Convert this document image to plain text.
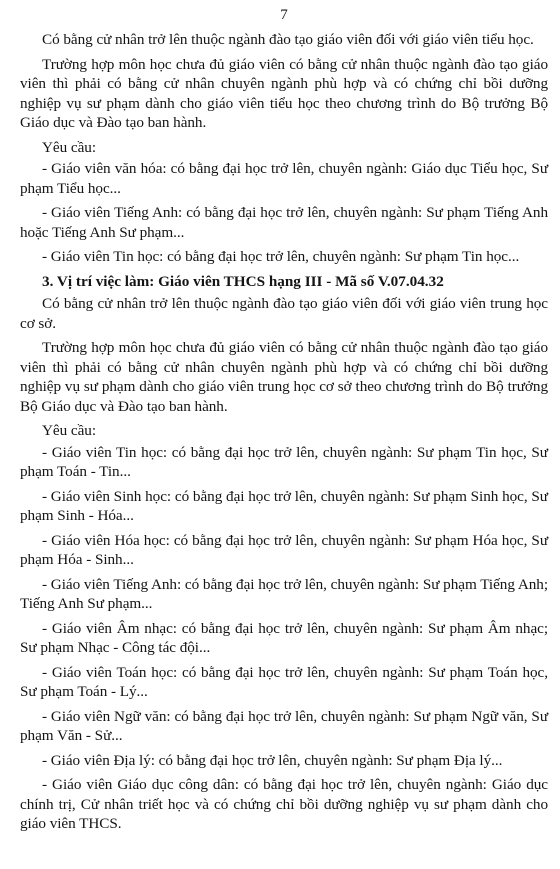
7

Có bằng cử nhân trở lên thuộc ngành đào tạo giáo viên đối với giáo viên tiểu học.

Trường hợp môn học chưa đủ giáo viên có bằng cử nhân thuộc ngành đào tạo giáo viên thì phải có bằng cử nhân chuyên ngành phù hợp và có chứng chỉ bồi dưỡng nghiệp vụ sư phạm dành cho giáo viên tiểu học theo chương trình do Bộ trưởng Bộ Giáo dục và Đào tạo ban hành.

Yêu cầu:

- Giáo viên văn hóa: có bằng đại học trở lên, chuyên ngành: Giáo dục Tiểu học, Sư phạm Tiểu học...

- Giáo viên Tiếng Anh: có bằng đại học trở lên, chuyên ngành: Sư phạm Tiếng Anh hoặc Tiếng Anh Sư phạm...

- Giáo viên Tin học: có bằng đại học trở lên, chuyên ngành: Sư phạm Tin học...

3. Vị trí việc làm: Giáo viên THCS hạng III - Mã số V.07.04.32

Có bằng cử nhân trở lên thuộc ngành đào tạo giáo viên đối với giáo viên trung học cơ sở.

Trường hợp môn học chưa đủ giáo viên có bằng cử nhân thuộc ngành đào tạo giáo viên thì phải có bằng cử nhân chuyên ngành phù hợp và có chứng chỉ bồi dưỡng nghiệp vụ sư phạm dành cho giáo viên trung học cơ sở theo chương trình do Bộ trưởng Bộ Giáo dục và Đào tạo ban hành.

Yêu cầu:

- Giáo viên Tin học: có bằng đại học trở lên, chuyên ngành: Sư phạm Tin học, Sư phạm Toán - Tin...

- Giáo viên Sinh học: có bằng đại học trở lên, chuyên ngành: Sư phạm Sinh học, Sư phạm Sinh - Hóa...

- Giáo viên Hóa học: có bằng đại học trở lên, chuyên ngành: Sư phạm Hóa học, Sư phạm Hóa - Sinh...

- Giáo viên Tiếng Anh: có bằng đại học trở lên, chuyên ngành: Sư phạm Tiếng Anh; Tiếng Anh Sư phạm...

- Giáo viên Âm nhạc: có bằng đại học trở lên, chuyên ngành: Sư phạm Âm nhạc; Sư phạm Nhạc - Công tác đội...

- Giáo viên Toán học: có bằng đại học trở lên, chuyên ngành: Sư phạm Toán học, Sư phạm Toán - Lý...

- Giáo viên Ngữ văn: có bằng đại học trở lên, chuyên ngành: Sư phạm Ngữ văn, Sư phạm Văn - Sử...

- Giáo viên Địa lý: có bằng đại học trở lên, chuyên ngành: Sư phạm Địa lý...

- Giáo viên Giáo dục công dân: có bằng đại học trở lên, chuyên ngành: Giáo dục chính trị, Cử nhân triết học và có chứng chỉ bồi dưỡng nghiệp vụ sư phạm dành cho giáo viên THCS.
